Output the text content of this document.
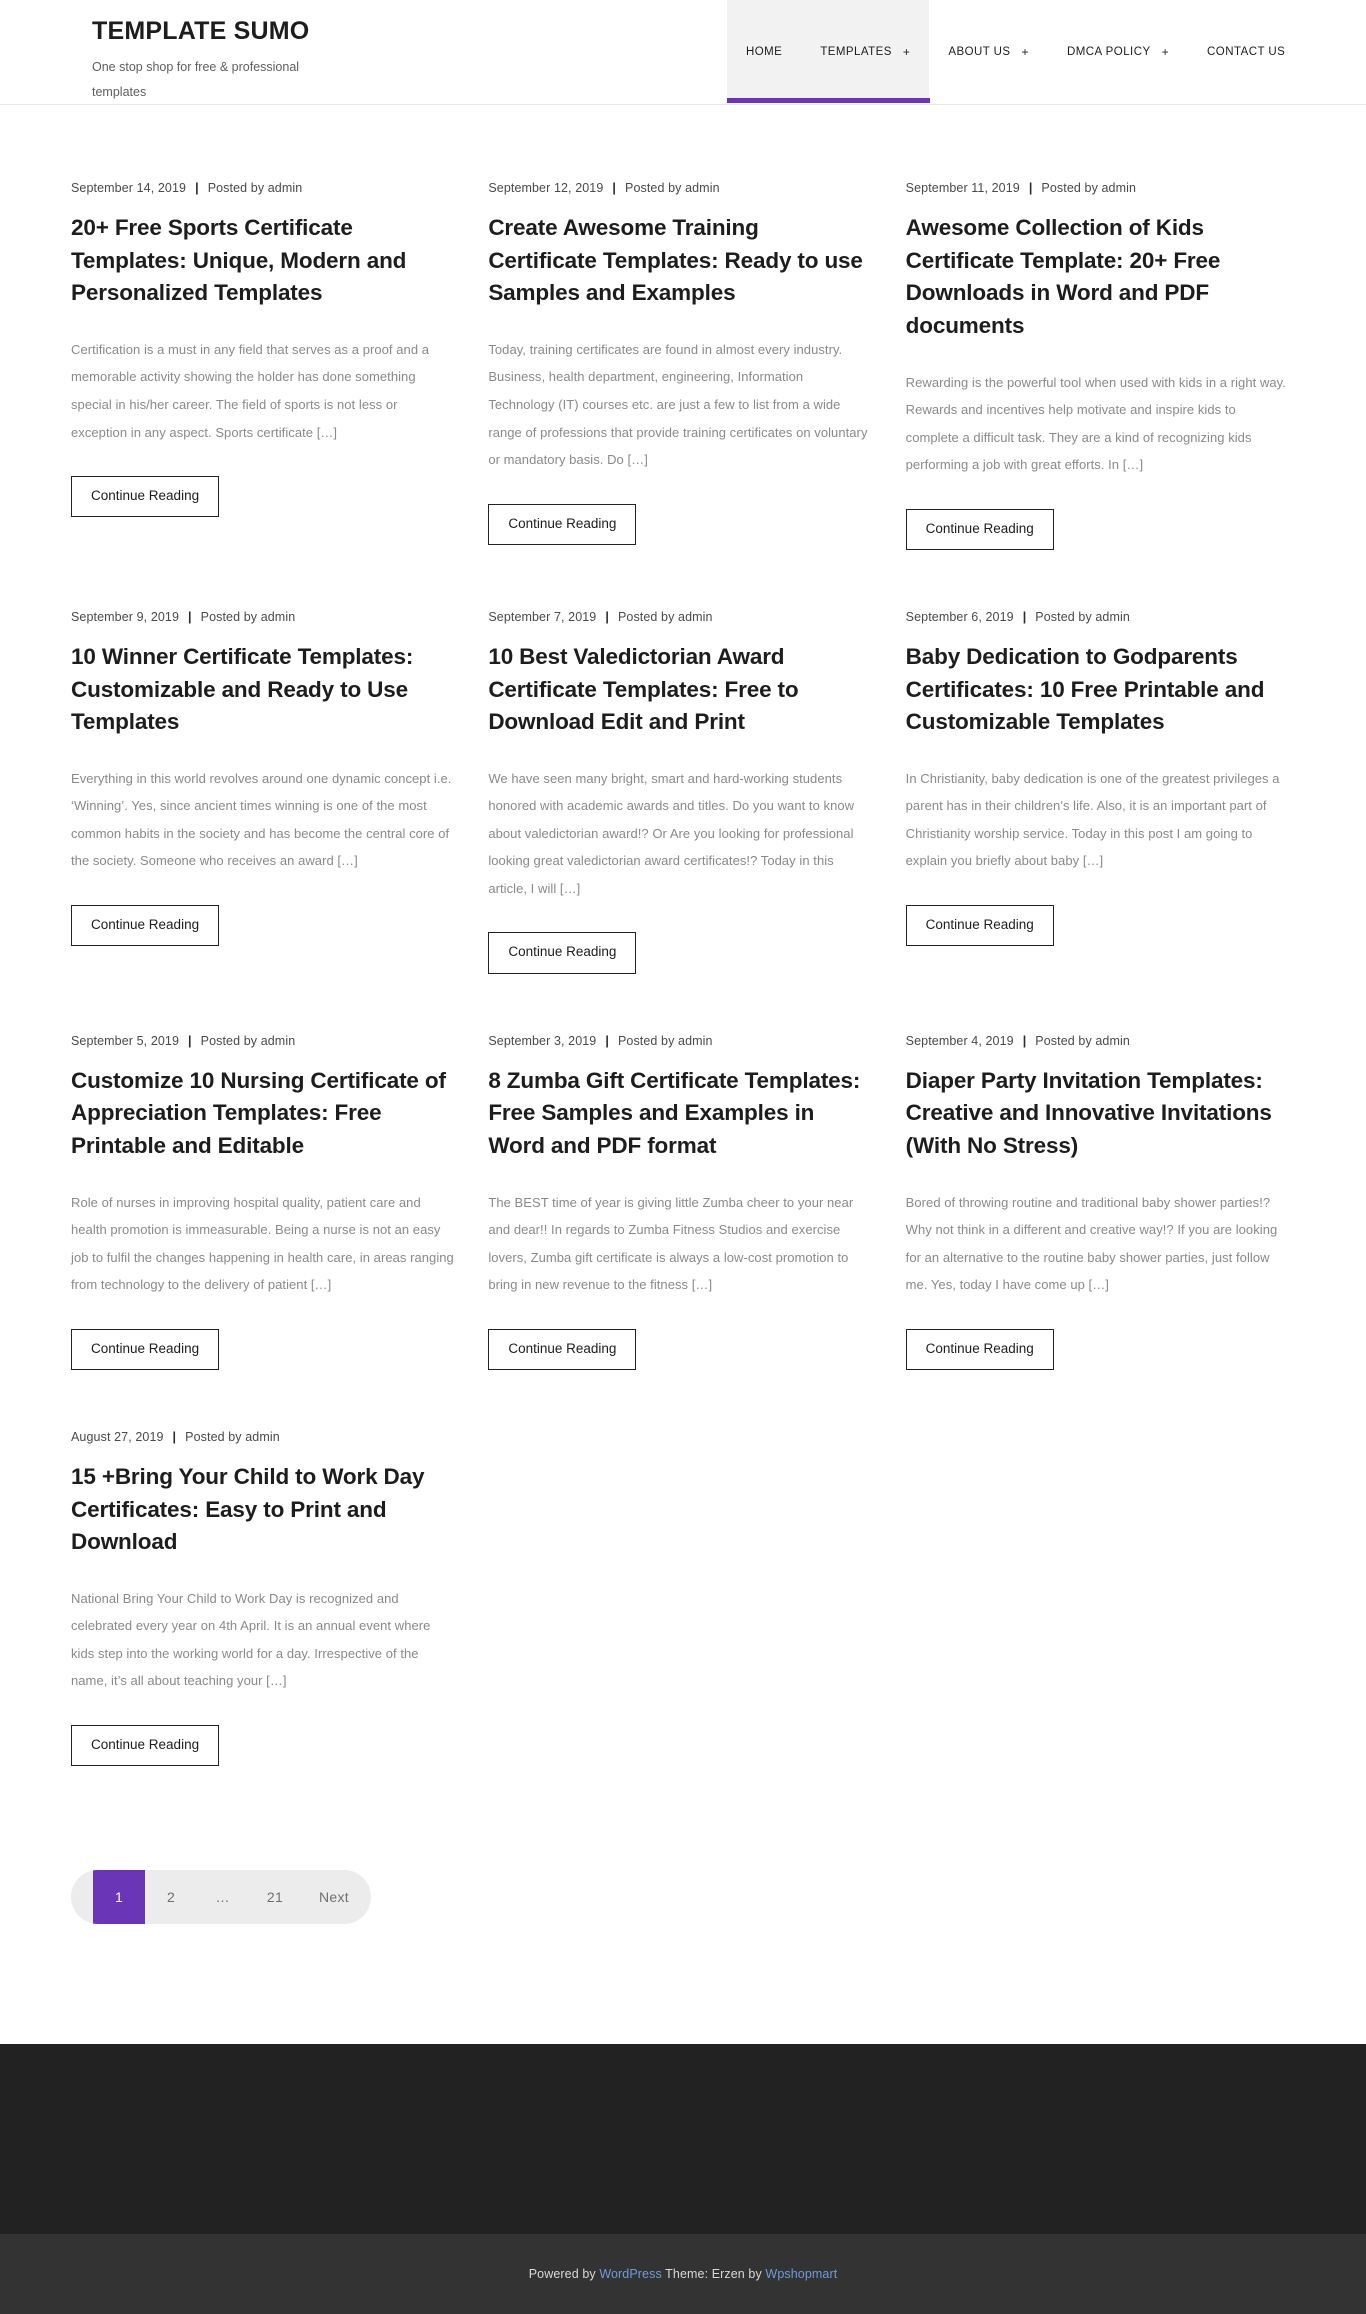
TEMPLATE SUMO
One stop shop for free & professional templates
HOME	TEMPLATES +	ABOUT US +	DMCA POLICY +	CONTACT US
September 14, 2019 | Posted by admin
20+ Free Sports Certificate Templates: Unique, Modern and Personalized Templates

Certification is a must in any field that serves as a proof and a memorable activity showing the holder has done something special in his/her career. The field of sports is not less or exception in any aspect. Sports certificate […]

Continue Reading
September 12, 2019 | Posted by admin
Create Awesome Training Certificate Templates: Ready to use Samples and Examples

Today, training certificates are found in almost every industry. Business, health department, engineering, Information Technology (IT) courses etc. are just a few to list from a wide range of professions that provide training certificates on voluntary or mandatory basis. Do […]

Continue Reading
September 11, 2019 | Posted by admin
Awesome Collection of Kids Certificate Template: 20+ Free Downloads in Word and PDF documents

Rewarding is the powerful tool when used with kids in a right way. Rewards and incentives help motivate and inspire kids to complete a difficult task. They are a kind of recognizing kids performing a job with great efforts. In […]

Continue Reading
September 9, 2019 | Posted by admin
10 Winner Certificate Templates: Customizable and Ready to Use Templates

Everything in this world revolves around one dynamic concept i.e. ‘Winning’. Yes, since ancient times winning is one of the most common habits in the society and has become the central core of the society. Someone who receives an award […]

Continue Reading
September 7, 2019 | Posted by admin
10 Best Valedictorian Award Certificate Templates: Free to Download Edit and Print

We have seen many bright, smart and hard-working students honored with academic awards and titles. Do you want to know about valedictorian award!? Or Are you looking for professional looking great valedictorian award certificates!? Today in this article, I will […]

Continue Reading
September 6, 2019 | Posted by admin
Baby Dedication to Godparents Certificates: 10 Free Printable and Customizable Templates

In Christianity, baby dedication is one of the greatest privileges a parent has in their children’s life. Also, it is an important part of Christianity worship service. Today in this post I am going to explain you briefly about baby […]

Continue Reading
September 5, 2019 | Posted by admin
Customize 10 Nursing Certificate of Appreciation Templates: Free Printable and Editable

Role of nurses in improving hospital quality, patient care and health promotion is immeasurable. Being a nurse is not an easy job to fulfil the changes happening in health care, in areas ranging from technology to the delivery of patient […]

Continue Reading
September 3, 2019 | Posted by admin
8 Zumba Gift Certificate Templates: Free Samples and Examples in Word and PDF format

The BEST time of year is giving little Zumba cheer to your near and dear!! In regards to Zumba Fitness Studios and exercise lovers, Zumba gift certificate is always a low-cost promotion to bring in new revenue to the fitness […]

Continue Reading
September 4, 2019 | Posted by admin
Diaper Party Invitation Templates: Creative and Innovative Invitations (With No Stress)

Bored of throwing routine and traditional baby shower parties!? Why not think in a different and creative way!? If you are looking for an alternative to the routine baby shower parties, just follow me. Yes, today I have come up […]

Continue Reading
August 27, 2019 | Posted by admin
15 +Bring Your Child to Work Day Certificates: Easy to Print and Download

National Bring Your Child to Work Day is recognized and celebrated every year on 4th April. It is an annual event where kids step into the working world for a day. Irrespective of the name, it’s all about teaching your […]

Continue Reading
1	2	…	21	Next
Powered by WordPress Theme: Erzen by Wpshopmart
